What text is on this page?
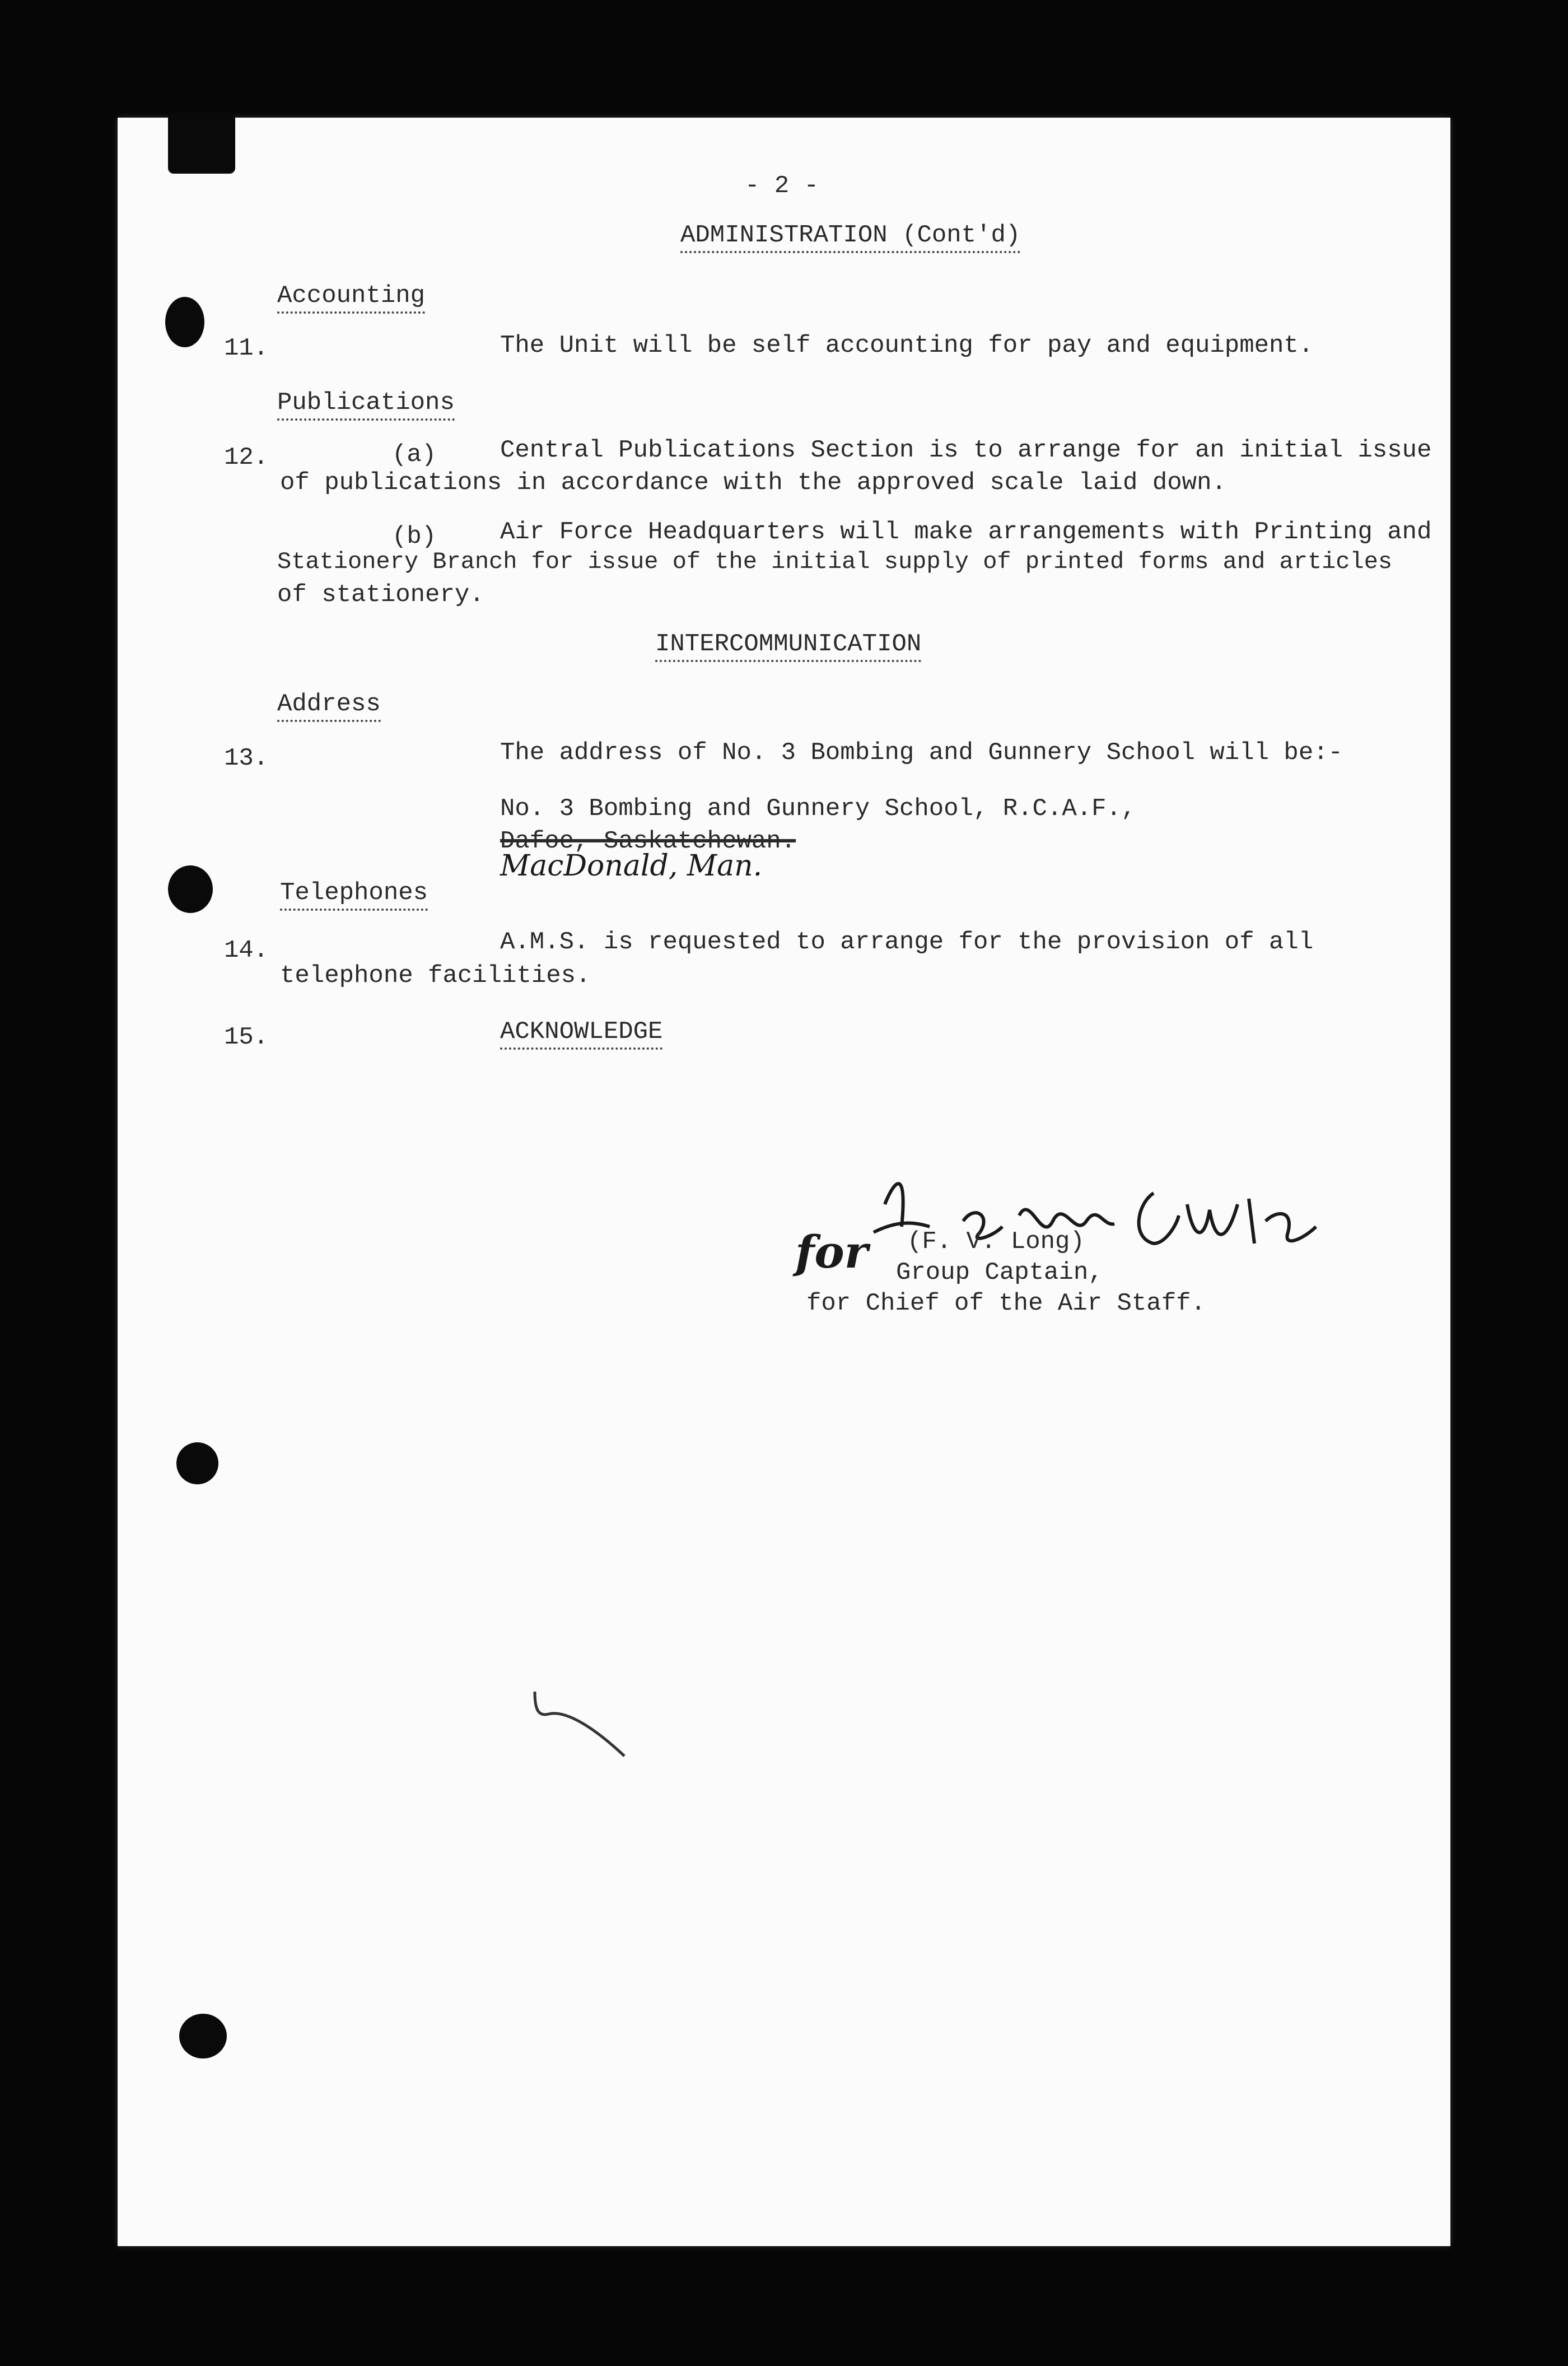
- 2 -
ADMINISTRATION (Cont'd)
Accounting
11.	The Unit will be self accounting for pay and equipment.
Publications
12.	(a)	Central Publications Section is to arrange for an initial issue
of publications in accordance with the approved scale laid down.
(b)	Air Force Headquarters will make arrangements with Printing and
Stationery Branch for issue of the initial supply of printed forms and articles
of stationery.
INTERCOMMUNICATION
Address
13.	The address of No. 3 Bombing and Gunnery School will be:-
No. 3 Bombing and Gunnery School, R.C.A.F.,
Dafoe, Saskatchewan.
MacDonald, Man.
Telephones
14.	A.M.S. is requested to arrange for the provision of all
telephone facilities.
15.	ACKNOWLEDGE
for (F. V. Long)
Group Captain,
for Chief of the Air Staff.
